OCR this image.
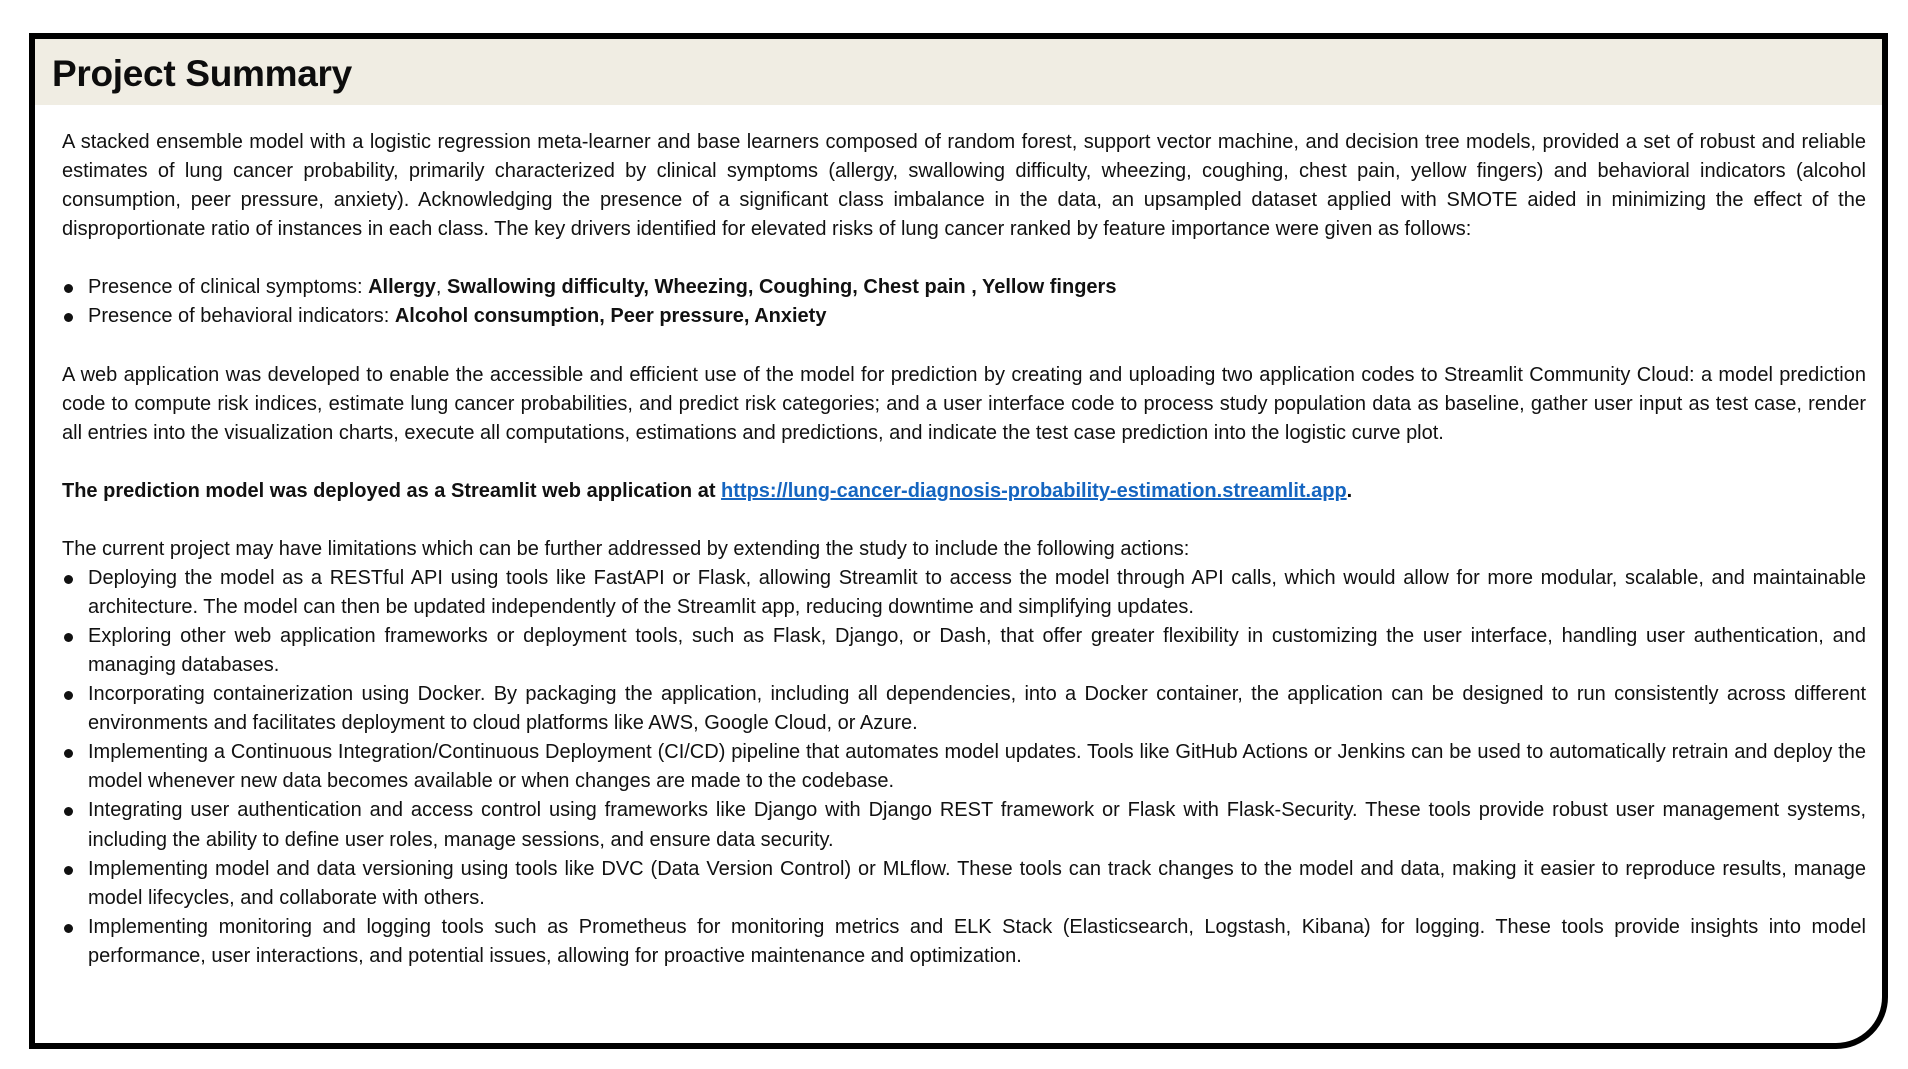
Project Summary

A stacked ensemble model with a logistic regression meta-learner and base learners composed of random forest, support vector machine, and decision tree models, provided a set of robust and reliable estimates of lung cancer probability, primarily characterized by clinical symptoms (allergy, swallowing difficulty, wheezing, coughing, chest pain, yellow fingers) and behavioral indicators (alcohol consumption, peer pressure, anxiety). Acknowledging the presence of a significant class imbalance in the data, an upsampled dataset applied with SMOTE aided in minimizing the effect of the disproportionate ratio of instances in each class. The key drivers identified for elevated risks of lung cancer ranked by feature importance were given as follows:

Presence of clinical symptoms: Allergy, Swallowing difficulty, Wheezing, Coughing, Chest pain , Yellow fingers
Presence of behavioral indicators: Alcohol consumption, Peer pressure, Anxiety

A web application was developed to enable the accessible and efficient use of the model for prediction by creating and uploading two application codes to Streamlit Community Cloud: a model prediction code to compute risk indices, estimate lung cancer probabilities, and predict risk categories; and a user interface code to process study population data as baseline, gather user input as test case, render all entries into the visualization charts, execute all computations, estimations and predictions, and indicate the test case prediction into the logistic curve plot.

The prediction model was deployed as a Streamlit web application at https://lung-cancer-diagnosis-probability-estimation.streamlit.app.

The current project may have limitations which can be further addressed by extending the study to include the following actions:

Deploying the model as a RESTful API using tools like FastAPI or Flask, allowing Streamlit to access the model through API calls, which would allow for more modular, scalable, and maintainable architecture. The model can then be updated independently of the Streamlit app, reducing downtime and simplifying updates.
Exploring other web application frameworks or deployment tools, such as Flask, Django, or Dash, that offer greater flexibility in customizing the user interface, handling user authentication, and managing databases.
Incorporating containerization using Docker. By packaging the application, including all dependencies, into a Docker container, the application can be designed to run consistently across different environments and facilitates deployment to cloud platforms like AWS, Google Cloud, or Azure.
Implementing a Continuous Integration/Continuous Deployment (CI/CD) pipeline that automates model updates. Tools like GitHub Actions or Jenkins can be used to automatically retrain and deploy the model whenever new data becomes available or when changes are made to the codebase.
Integrating user authentication and access control using frameworks like Django with Django REST framework or Flask with Flask-Security. These tools provide robust user management systems, including the ability to define user roles, manage sessions, and ensure data security.
Implementing model and data versioning using tools like DVC (Data Version Control) or MLflow. These tools can track changes to the model and data, making it easier to reproduce results, manage model lifecycles, and collaborate with others.
Implementing monitoring and logging tools such as Prometheus for monitoring metrics and ELK Stack (Elasticsearch, Logstash, Kibana) for logging. These tools provide insights into model performance, user interactions, and potential issues, allowing for proactive maintenance and optimization.
